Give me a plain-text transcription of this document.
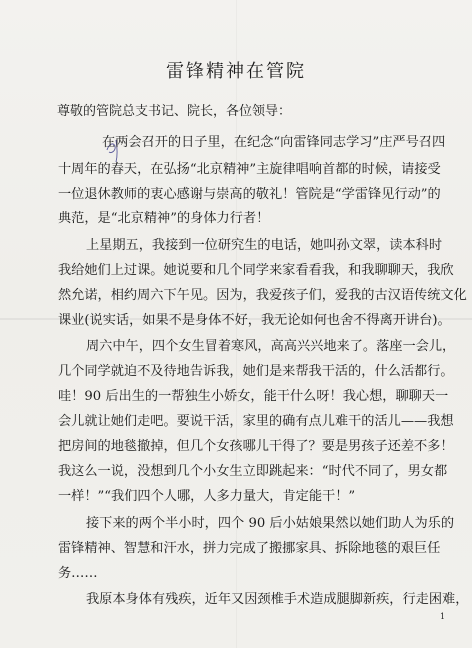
雷锋精神在管院
尊敬的管院总支书记、院长，各位领导：
在两会召开的日子里，在纪念“向雷锋同志学习”庄严号召四
十周年的春天，在弘扬“北京精神”主旋律唱响首都的时候，请接受
一位退休教师的衷心感谢与崇高的敬礼！管院是“学雷锋见行动”的
典范，是“北京精神”的身体力行者！
上星期五，我接到一位研究生的电话，她叫孙文翠，读本科时
我给她们上过课。她说要和几个同学来家看看我，和我聊聊天，我欣
然允诺，相约周六下午见。因为，我爱孩子们，爱我的古汉语传统文化
课业(说实话，如果不是身体不好，我无论如何也舍不得离开讲台)。
周六中午，四个女生冒着寒风，高高兴兴地来了。落座一会儿，
几个同学就迫不及待地告诉我，她们是来帮我干活的，什么活都行。
哇！90 后出生的一帮独生小娇女，能干什么呀！我心想，聊聊天一
会儿就让她们走吧。要说干活，家里的确有点儿难干的活儿——我想
把房间的地毯撤掉，但几个女孩哪儿干得了？要是男孩子还差不多！
我这么一说，没想到几个小女生立即跳起来：“时代不同了，男女都
一样！”“我们四个人哪，人多力量大，肯定能干！”
接下来的两个半小时，四个 90 后小姑娘果然以她们助人为乐的
雷锋精神、智慧和汗水，拼力完成了搬挪家具、拆除地毯的艰巨任
务……
我原本身体有残疾，近年又因颈椎手术造成腿脚新疾，行走困难，
1
